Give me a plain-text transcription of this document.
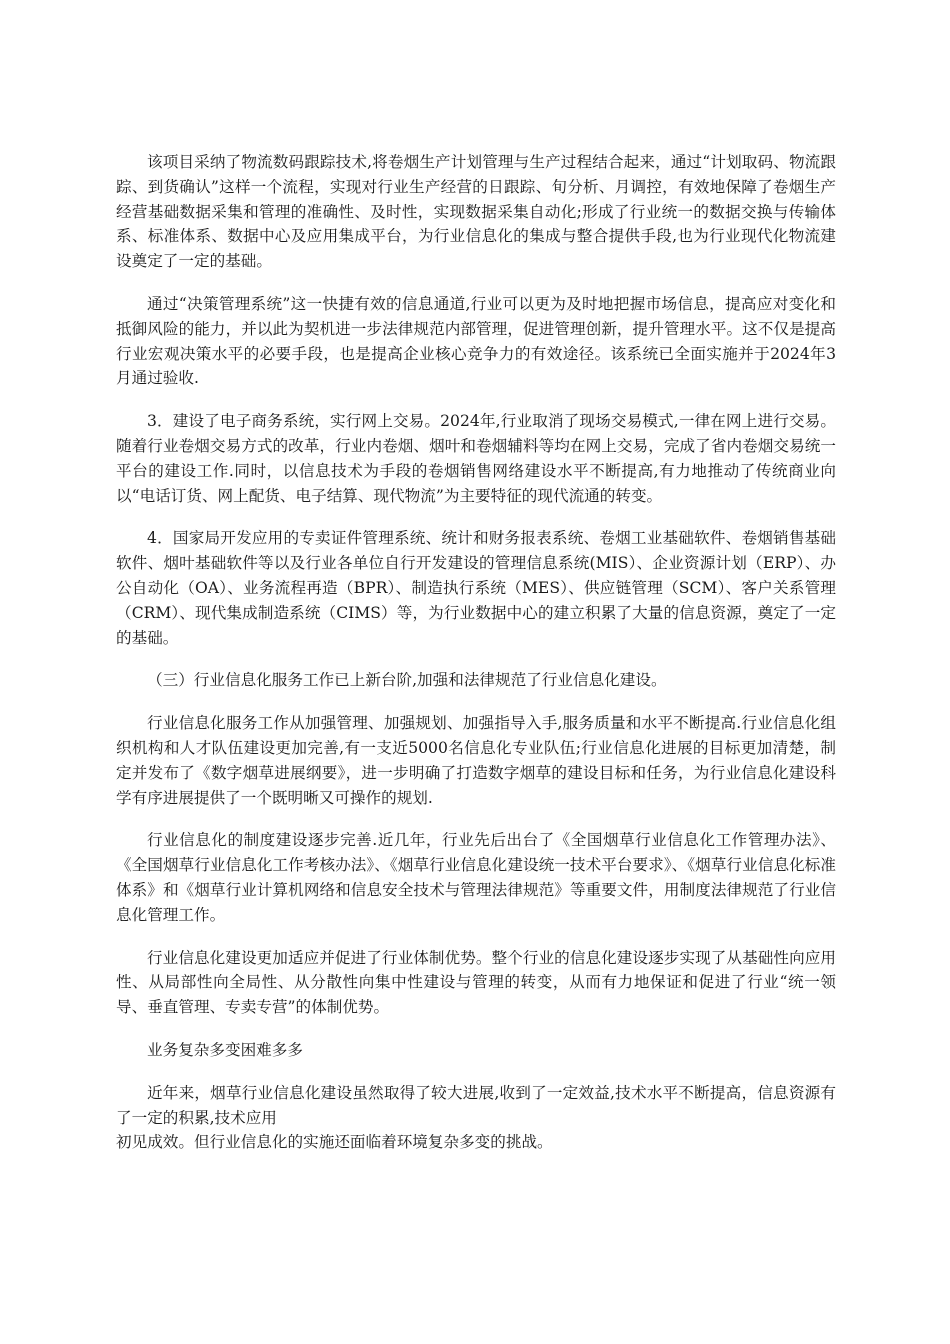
该项目采纳了物流数码跟踪技术,将卷烟生产计划管理与生产过程结合起来，通过“计划取码、物流跟踪、到货确认”这样一个流程，实现对行业生产经营的日跟踪、旬分析、月调控，有效地保障了卷烟生产经营基础数据采集和管理的准确性、及时性，实现数据采集自动化;形成了行业统一的数据交换与传输体系、标准体系、数据中心及应用集成平台，为行业信息化的集成与整合提供手段,也为行业现代化物流建设奠定了一定的基础。

通过“决策管理系统”这一快捷有效的信息通道,行业可以更为及时地把握市场信息，提高应对变化和抵御风险的能力，并以此为契机进一步法律规范内部管理，促进管理创新，提升管理水平。这不仅是提高行业宏观决策水平的必要手段，也是提高企业核心竞争力的有效途径。该系统已全面实施并于2024年3月通过验收.

3．建设了电子商务系统，实行网上交易。2024年,行业取消了现场交易模式,一律在网上进行交易。随着行业卷烟交易方式的改革，行业内卷烟、烟叶和卷烟辅料等均在网上交易，完成了省内卷烟交易统一平台的建设工作.同时，以信息技术为手段的卷烟销售网络建设水平不断提高,有力地推动了传统商业向以“电话订货、网上配货、电子结算、现代物流”为主要特征的现代流通的转变。

4．国家局开发应用的专卖证件管理系统、统计和财务报表系统、卷烟工业基础软件、卷烟销售基础软件、烟叶基础软件等以及行业各单位自行开发建设的管理信息系统(MIS）、企业资源计划（ERP）、办公自动化（OA）、业务流程再造（BPR）、制造执行系统（MES）、供应链管理（SCM）、客户关系管理（CRM）、现代集成制造系统（CIMS）等，为行业数据中心的建立积累了大量的信息资源，奠定了一定的基础。

（三）行业信息化服务工作已上新台阶,加强和法律规范了行业信息化建设。

行业信息化服务工作从加强管理、加强规划、加强指导入手,服务质量和水平不断提高.行业信息化组织机构和人才队伍建设更加完善,有一支近5000名信息化专业队伍;行业信息化进展的目标更加清楚，制定并发布了《数字烟草进展纲要》，进一步明确了打造数字烟草的建设目标和任务，为行业信息化建设科学有序进展提供了一个既明晰又可操作的规划.

行业信息化的制度建设逐步完善.近几年，行业先后出台了《全国烟草行业信息化工作管理办法》、《全国烟草行业信息化工作考核办法》、《烟草行业信息化建设统一技术平台要求》、《烟草行业信息化标准体系》和《烟草行业计算机网络和信息安全技术与管理法律规范》等重要文件，用制度法律规范了行业信息化管理工作。

行业信息化建设更加适应并促进了行业体制优势。整个行业的信息化建设逐步实现了从基础性向应用性、从局部性向全局性、从分散性向集中性建设与管理的转变，从而有力地保证和促进了行业“统一领导、垂直管理、专卖专营”的体制优势。

业务复杂多变困难多多

近年来，烟草行业信息化建设虽然取得了较大进展,收到了一定效益,技术水平不断提高，信息资源有了一定的积累,技术应用
初见成效。但行业信息化的实施还面临着环境复杂多变的挑战。
